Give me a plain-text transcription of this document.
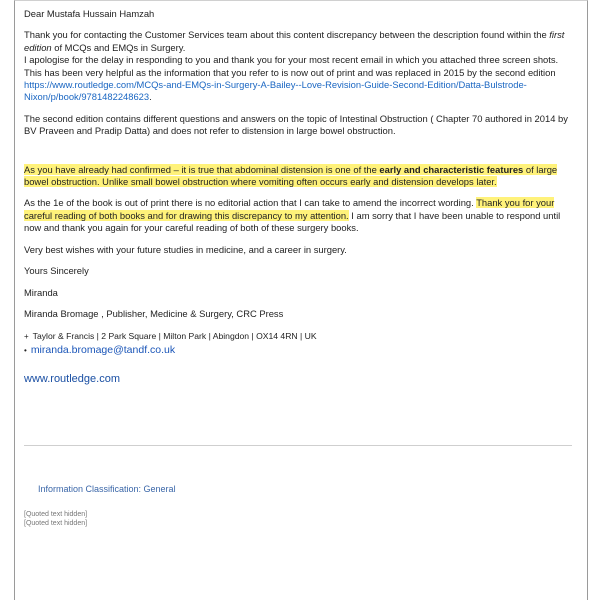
Dear Mustafa Hussain Hamzah

Thank you for contacting the Customer Services team about this content discrepancy between the description found within the first edition of MCQs and EMQs in Surgery.

I apologise for the delay in responding to you and thank you for your most recent email in which you attached three screen shots. This has been very helpful as the information that you refer to is now out of print and was replaced in 2015 by the second edition https://www.routledge.com/MCQs-and-EMQs-in-Surgery-A-Bailey--Love-Revision-Guide-Second-Edition/Datta-Bulstrode-Nixon/p/book/9781482248623.

The second edition contains different questions and answers on the topic of Intestinal Obstruction ( Chapter 70 authored in 2014 by BV Praveen and Pradip Datta) and does not refer to distension in large bowel obstruction.

As you have already had confirmed – it is true that abdominal distension is one of the early and characteristic features of large bowel obstruction. Unlike small bowel obstruction where vomiting often occurs early and distension develops later.

As the 1e of the book is out of print there is no editorial action that I can take to amend the incorrect wording. Thank you for your careful reading of both books and for drawing this discrepancy to my attention. I am sorry that I have been unable to respond until now and thank you again for your careful reading of both of these surgery books.

Very best wishes with your future studies in medicine, and a career in surgery.

Yours Sincerely

Miranda

Miranda Bromage , Publisher, Medicine & Surgery, CRC Press

+ Taylor & Francis | 2 Park Square | Milton Park | Abingdon | OX14 4RN | UK

• miranda.bromage@tandf.co.uk

www.routledge.com

Information Classification: General
[Quoted text hidden]
[Quoted text hidden]
